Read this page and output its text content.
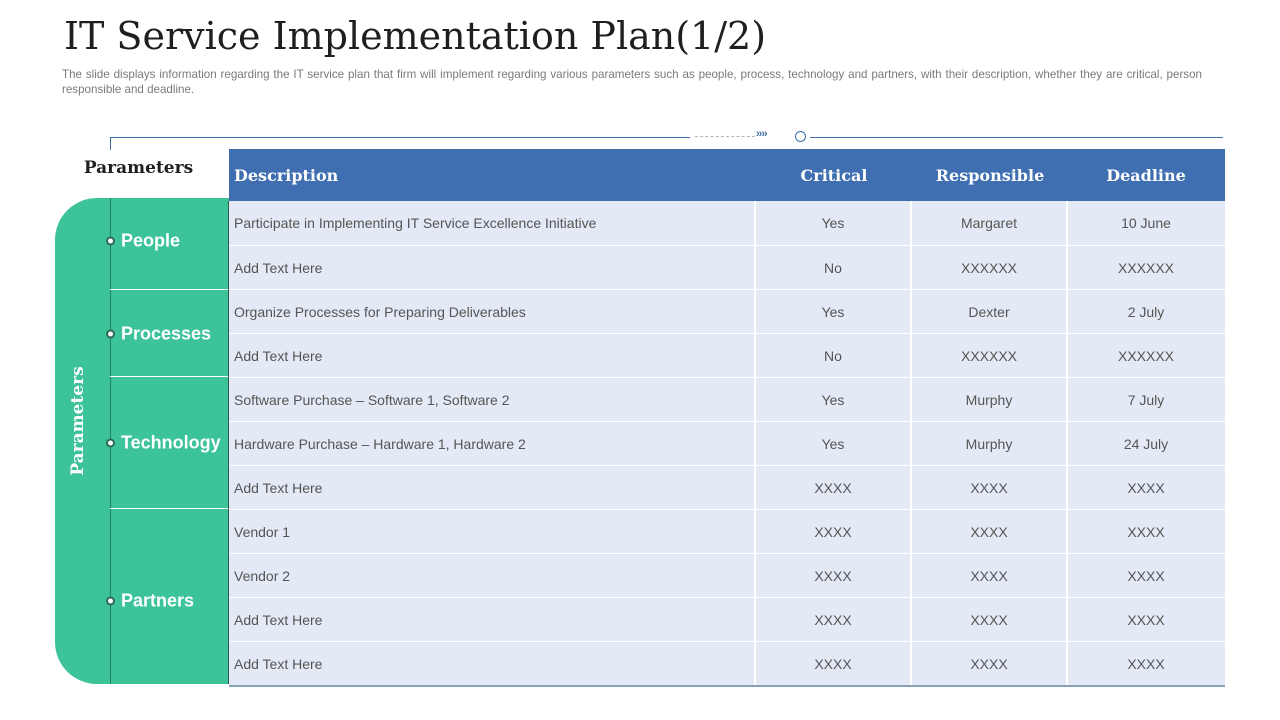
IT Service Implementation Plan(1/2)

The slide displays information regarding the IT service plan that firm will implement regarding various parameters such as people, process, technology and partners, with their description, whether they are critical, person responsible and deadline.

››››
Parameters
Parameters
People
Processes
Technology
Partners
Description	Critical	Responsible	Deadline
Participate in Implementing IT Service Excellence Initiative	Yes	Margaret	10 June
Add Text Here	No	XXXXXX	XXXXXX
Organize Processes for Preparing Deliverables	Yes	Dexter	2 July
Add Text Here	No	XXXXXX	XXXXXX
Software Purchase – Software 1, Software 2	Yes	Murphy	7 July
Hardware Purchase – Hardware 1, Hardware 2	Yes	Murphy	24 July
Add Text Here	XXXX	XXXX	XXXX
Vendor 1	XXXX	XXXX	XXXX
Vendor 2	XXXX	XXXX	XXXX
Add Text Here	XXXX	XXXX	XXXX
Add Text Here	XXXX	XXXX	XXXX
